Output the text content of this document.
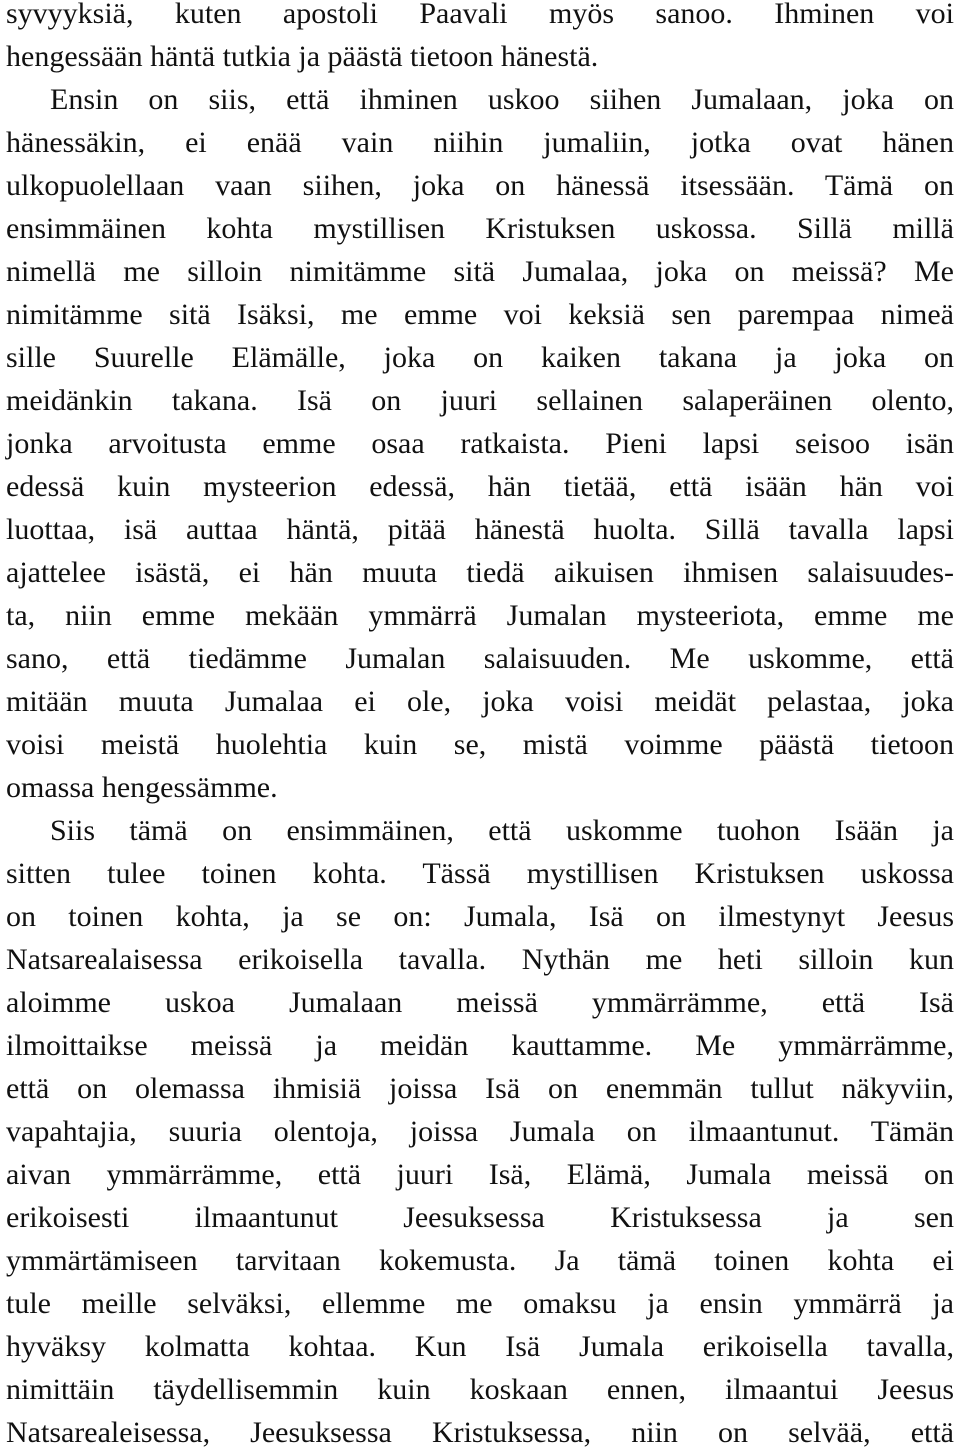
syvyyksiä, kuten apostoli Paavali myös sanoo. Ihminen voi
hengessään häntä tutkia ja päästä tietoon hänestä.
Ensin on siis, että ihminen uskoo siihen Jumalaan, joka on
hänessäkin, ei enää vain niihin jumaliin, jotka ovat hänen
ulkopuolellaan vaan siihen, joka on hänessä itsessään. Tämä on
ensimmäinen kohta mystillisen Kristuksen uskossa. Sillä millä
nimellä me silloin nimitämme sitä Jumalaa, joka on meissä? Me
nimitämme sitä Isäksi, me emme voi keksiä sen parempaa nimeä
sille Suurelle Elämälle, joka on kaiken takana ja joka on
meidänkin takana. Isä on juuri sellainen salaperäinen olento,
jonka arvoitusta emme osaa ratkaista. Pieni lapsi seisoo isän
edessä kuin mysteerion edessä, hän tietää, että isään hän voi
luottaa, isä auttaa häntä, pitää hänestä huolta. Sillä tavalla lapsi
ajattelee isästä, ei hän muuta tiedä aikuisen ihmisen salaisuudes-
ta, niin emme mekään ymmärrä Jumalan mysteeriota, emme me
sano, että tiedämme Jumalan salaisuuden. Me uskomme, että
mitään muuta Jumalaa ei ole, joka voisi meidät pelastaa, joka
voisi meistä huolehtia kuin se, mistä voimme päästä tietoon
omassa hengessämme.
Siis tämä on ensimmäinen, että uskomme tuohon Isään ja
sitten tulee toinen kohta. Tässä mystillisen Kristuksen uskossa
on toinen kohta, ja se on: Jumala, Isä on ilmestynyt Jeesus
Natsarealaisessa erikoisella tavalla. Nythän me heti silloin kun
aloimme uskoa Jumalaan meissä ymmärrämme, että Isä
ilmoittaikse meissä ja meidän kauttamme. Me ymmärrämme,
että on olemassa ihmisiä joissa Isä on enemmän tullut näkyviin,
vapahtajia, suuria olentoja, joissa Jumala on ilmaantunut. Tämän
aivan ymmärrämme, että juuri Isä, Elämä, Jumala meissä on
erikoisesti ilmaantunut Jeesuksessa Kristuksessa ja sen
ymmärtämiseen tarvitaan kokemusta. Ja tämä toinen kohta ei
tule meille selväksi, ellemme me omaksu ja ensin ymmärrä ja
hyväksy kolmatta kohtaa. Kun Isä Jumala erikoisella tavalla,
nimittäin täydellisemmin kuin koskaan ennen, ilmaantui Jeesus
Natsarealeisessa, Jeesuksessa Kristuksessa, niin on selvää, että
